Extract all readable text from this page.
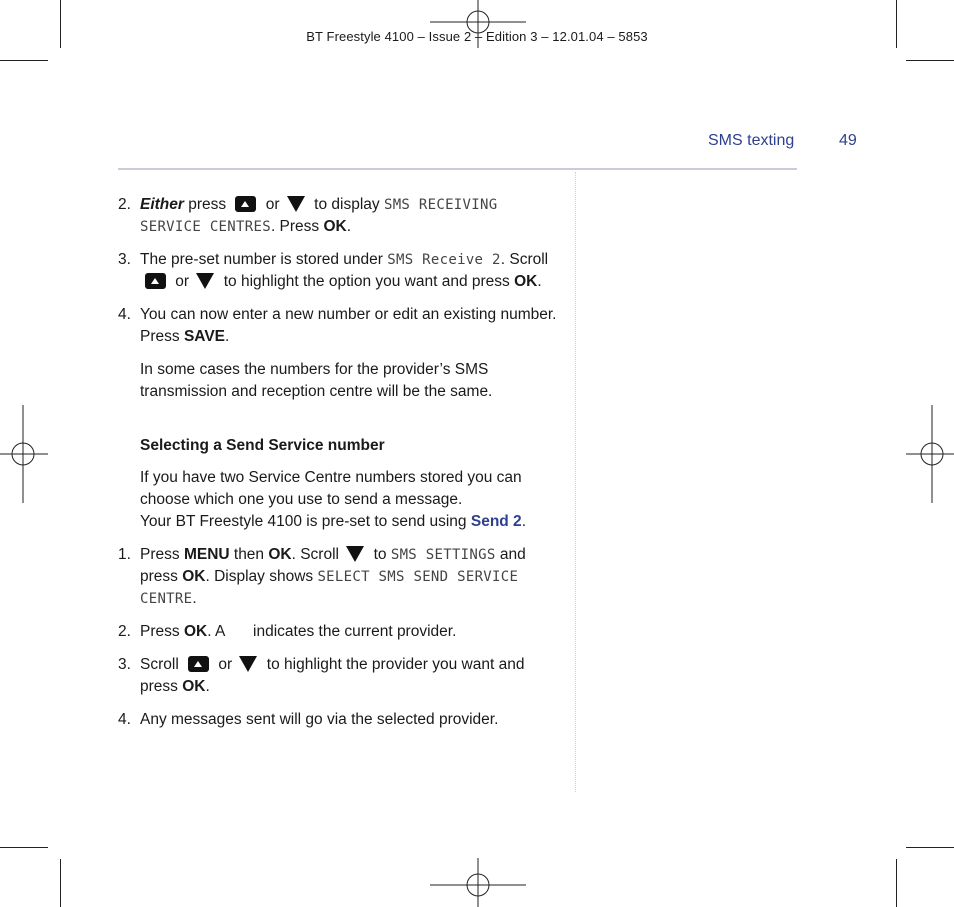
BT Freestyle 4100 – Issue 2 – Edition 3 – 12.01.04 – 5853
SMS texting	49
2. Either press  or  to display SMS RECEIVING SERVICE CENTRES. Press OK.
3. The pre-set number is stored under SMS Receive 2. Scroll  or  to highlight the option you want and press OK.
4. You can now enter a new number or edit an existing number. Press SAVE.
In some cases the numbers for the provider’s SMS transmission and reception centre will be the same.
Selecting a Send Service number
If you have two Service Centre numbers stored you can choose which one you use to send a message.
Your BT Freestyle 4100 is pre-set to send using Send 2.
1. Press MENU then OK. Scroll  to SMS SETTINGS and press OK. Display shows SELECT SMS SEND SERVICE CENTRE.
2. Press OK. A  indicates the current provider.
3. Scroll  or  to highlight the provider you want and press OK.
4. Any messages sent will go via the selected provider.
